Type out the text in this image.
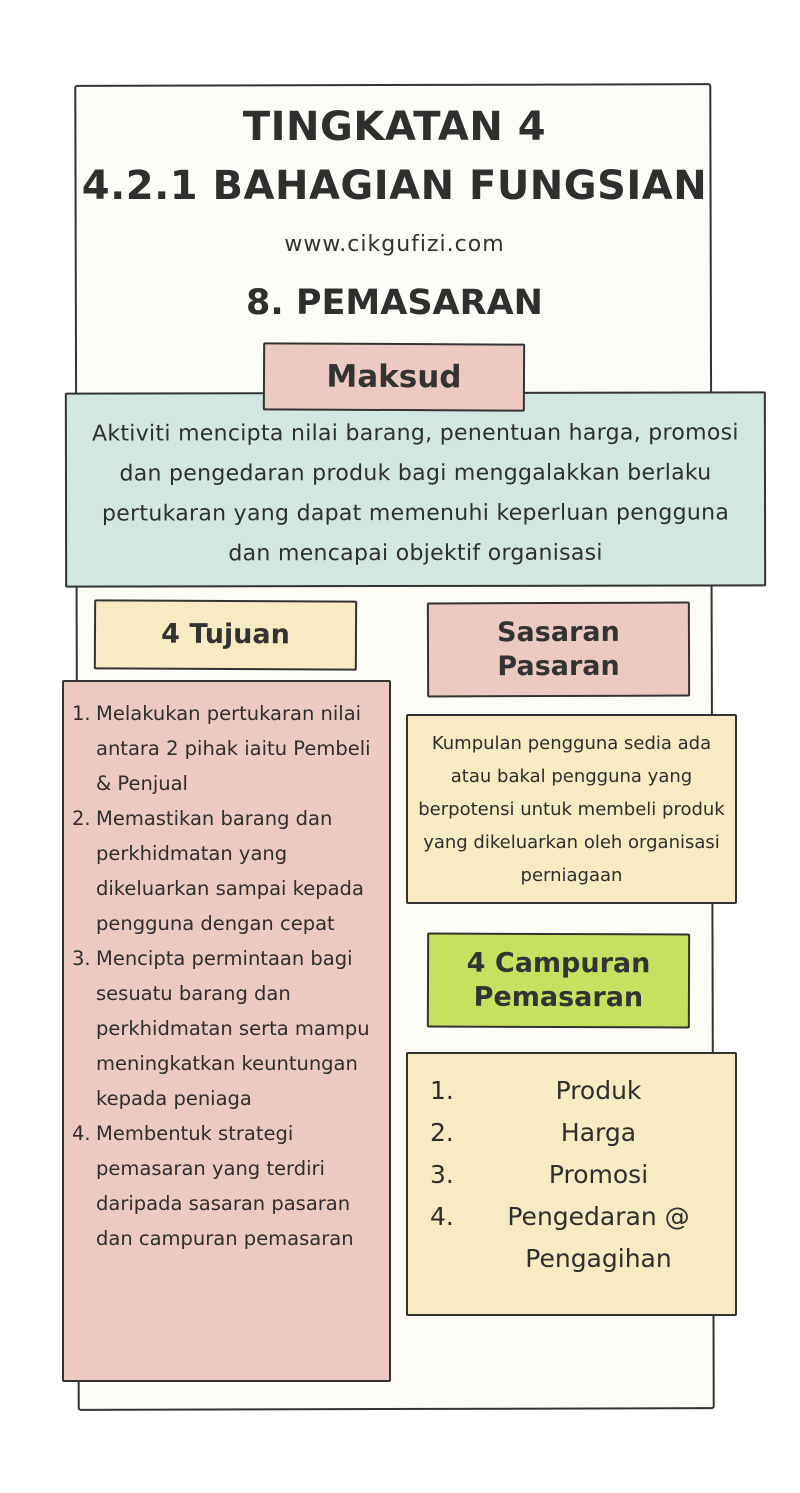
TINGKATAN 4
4.2.1 BAHAGIAN FUNGSIAN
www.cikgufizi.com
8. PEMASARAN
Maksud
Aktiviti mencipta nilai barang, penentuan harga, promosi dan pengedaran produk bagi menggalakkan berlaku pertukaran yang dapat memenuhi keperluan pengguna dan mencapai objektif organisasi
4 Tujuan	Sasaran Pasaran
1. Melakukan pertukaran nilai antara 2 pihak iaitu Pembeli & Penjual
2. Memastikan barang dan perkhidmatan yang dikeluarkan sampai kepada pengguna dengan cepat
3. Mencipta permintaan bagi sesuatu barang dan perkhidmatan serta mampu meningkatkan keuntungan kepada peniaga
4. Membentuk strategi pemasaran yang terdiri daripada sasaran pasaran dan campuran pemasaran
Kumpulan pengguna sedia ada atau bakal pengguna yang berpotensi untuk membeli produk yang dikeluarkan oleh organisasi perniagaan
4 Campuran Pemasaran
1.	Produk
2.	Harga
3.	Promosi
4.	Pengedaran @ Pengagihan
